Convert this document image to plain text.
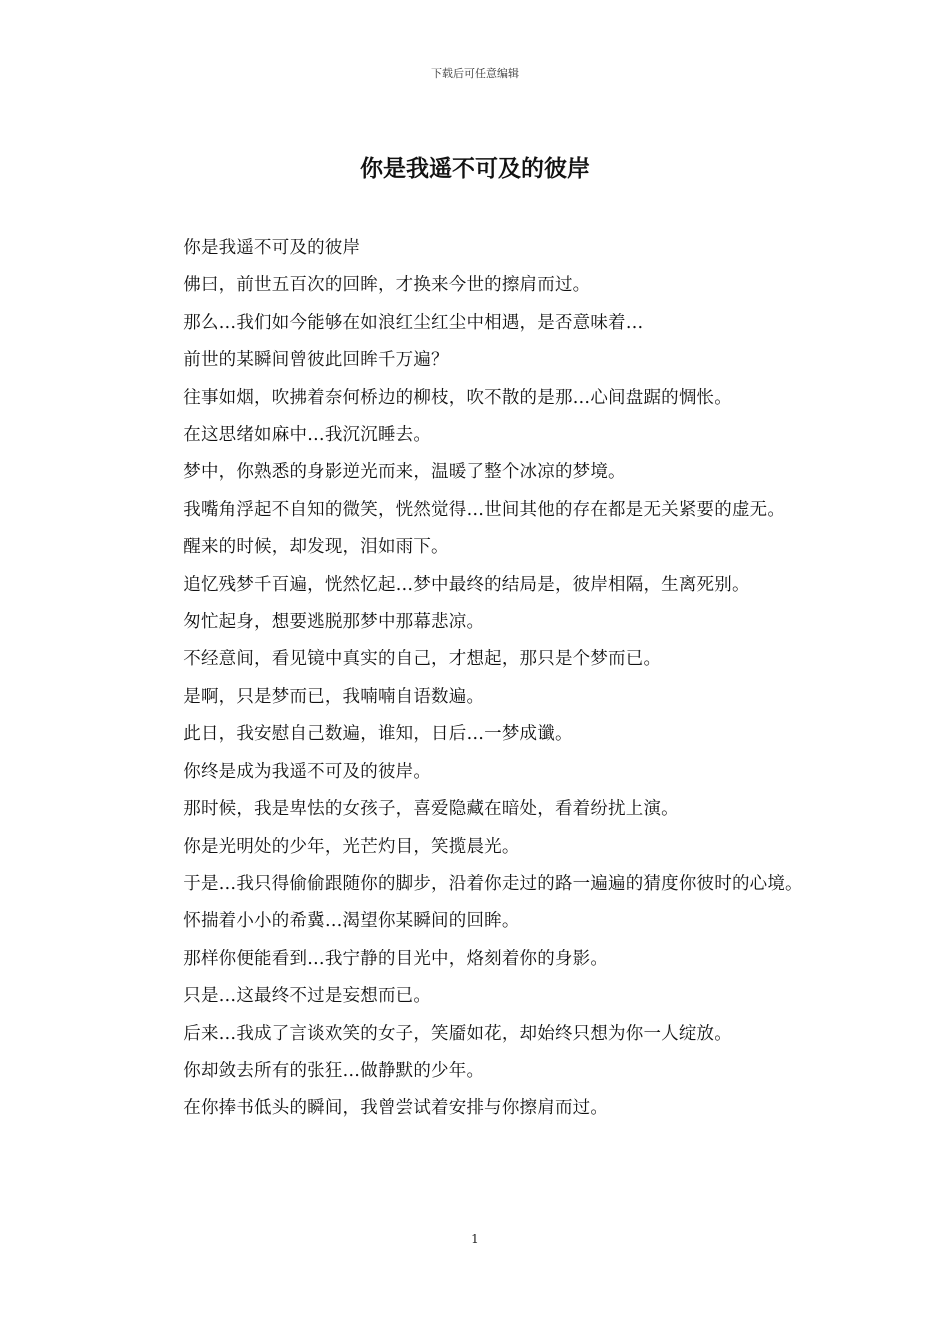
下载后可任意编辑
你是我遥不可及的彼岸

你是我遥不可及的彼岸

佛曰，前世五百次的回眸，才换来今世的擦肩而过。

那么…我们如今能够在如浪红尘红尘中相遇，是否意味着…

前世的某瞬间曾彼此回眸千万遍？

往事如烟，吹拂着奈何桥边的柳枝，吹不散的是那…心间盘踞的惆怅。

在这思绪如麻中…我沉沉睡去。

梦中，你熟悉的身影逆光而来，温暖了整个冰凉的梦境。

我嘴角浮起不自知的微笑，恍然觉得…世间其他的存在都是无关紧要的虚无。

醒来的时候，却发现，泪如雨下。

追忆残梦千百遍，恍然忆起…梦中最终的结局是，彼岸相隔，生离死别。

匆忙起身，想要逃脱那梦中那幕悲凉。

不经意间，看见镜中真实的自己，才想起，那只是个梦而已。

是啊，只是梦而已，我喃喃自语数遍。

此日，我安慰自己数遍，谁知，日后…一梦成谶。

你终是成为我遥不可及的彼岸。

那时候，我是卑怯的女孩子，喜爱隐藏在暗处，看着纷扰上演。

你是光明处的少年，光芒灼目，笑揽晨光。

于是…我只得偷偷跟随你的脚步，沿着你走过的路一遍遍的猜度你彼时的心境。

怀揣着小小的希冀…渴望你某瞬间的回眸。

那样你便能看到…我宁静的目光中，烙刻着你的身影。

只是…这最终不过是妄想而已。

后来…我成了言谈欢笑的女子，笑靥如花，却始终只想为你一人绽放。

你却敛去所有的张狂…做静默的少年。

在你捧书低头的瞬间，我曾尝试着安排与你擦肩而过。

1
